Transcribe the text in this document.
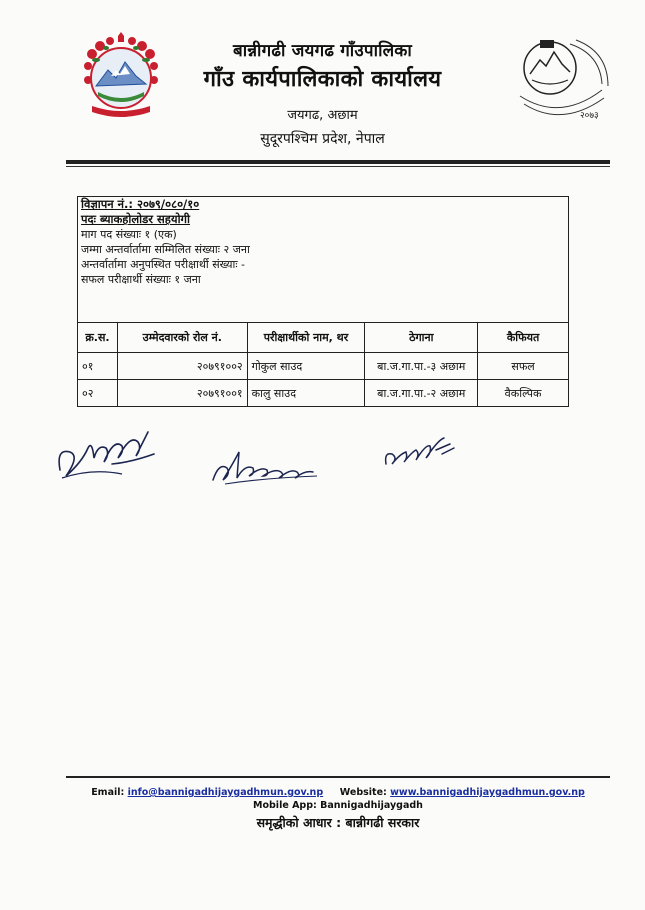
२०७३
बान्नीगढी जयगढ गाँउपालिका
गाँउ कार्यपालिकाको कार्यालय
जयगढ, अछाम
सुदूरपश्चिम प्रदेश, नेपाल
विज्ञापन नं.: २०७९/०८०/१०
पदः ब्याकहोलोडर सहयोगी
माग पद संख्याः १ (एक)
जम्मा अन्तर्वार्तामा सम्मिलित संख्याः २ जना
अन्तर्वार्तामा अनुपस्थित परीक्षार्थी संख्याः -
सफल परीक्षार्थी संख्याः १ जना
क्र.स.	उम्मेदवारको रोल नं.	परीक्षार्थीको नाम, थर	ठेगाना	कैफियत
०१	२०७९१००२	गोकुल साउद	बा.ज.गा.पा.-३ अछाम	सफल
०२	२०७९१००१	कालु साउद	बा.ज.गा.पा.-२ अछाम	वैकल्पिक
Email: info@bannigadhijaygadhmun.gov.np Website: www.bannigadhijaygadhmun.gov.np
Mobile App: Bannigadhijaygadh
समृद्धीको आधार : बान्नीगढी सरकार
